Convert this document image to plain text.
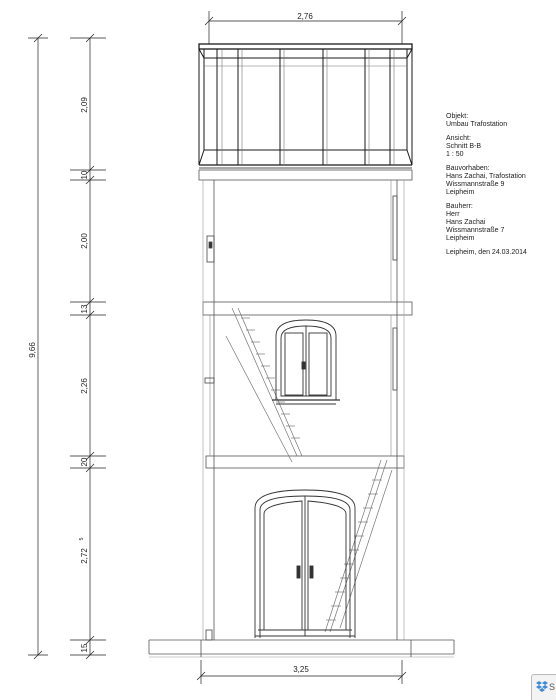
2,76
3,25
9,66
2,09
10
2,00
13
2,26
20
2,72
5
15
Objekt:
Umbau Trafostation
Ansicht:
Schnitt B-B
1 : 50
Bauvorhaben:
Hans Zachai, Trafostation
Wissmannstraße 9
Leipheim
Bauherr:
Herr
Hans Zachai
Wissmannstraße 7
Leipheim
Leipheim, den 24.03.2014
S
